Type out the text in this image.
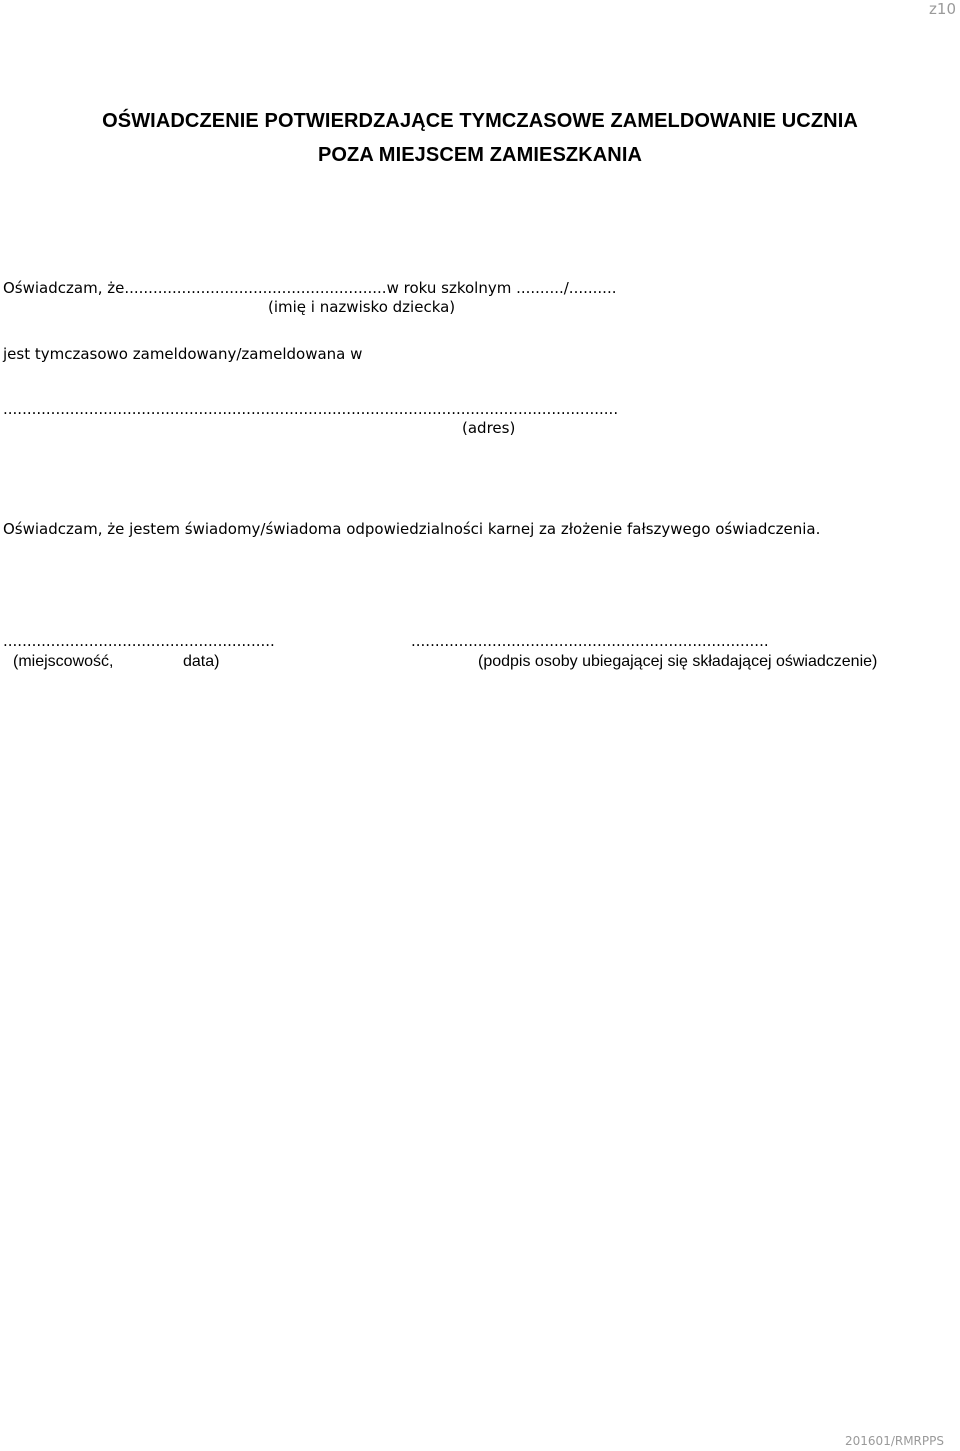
z10
OŚWIADCZENIE POTWIERDZAJĄCE TYMCZASOWE ZAMELDOWANIE UCZNIA
POZA MIEJSCEM ZAMIESZKANIA
Oświadczam, że.......................................................w roku szkolnym ........../..........
(imię i nazwisko dziecka)
jest tymczasowo zameldowany/zameldowana w
.................................................................................................................................
(adres)
Oświadczam, że jestem świadomy/świadoma odpowiedzialności karnej za złożenie fałszywego oświadczenia.
.........................................................	...........................................................................
(miejscowość,	data)	(podpis osoby ubiegającej się składającej oświadczenie)
201601/RMRPPS
